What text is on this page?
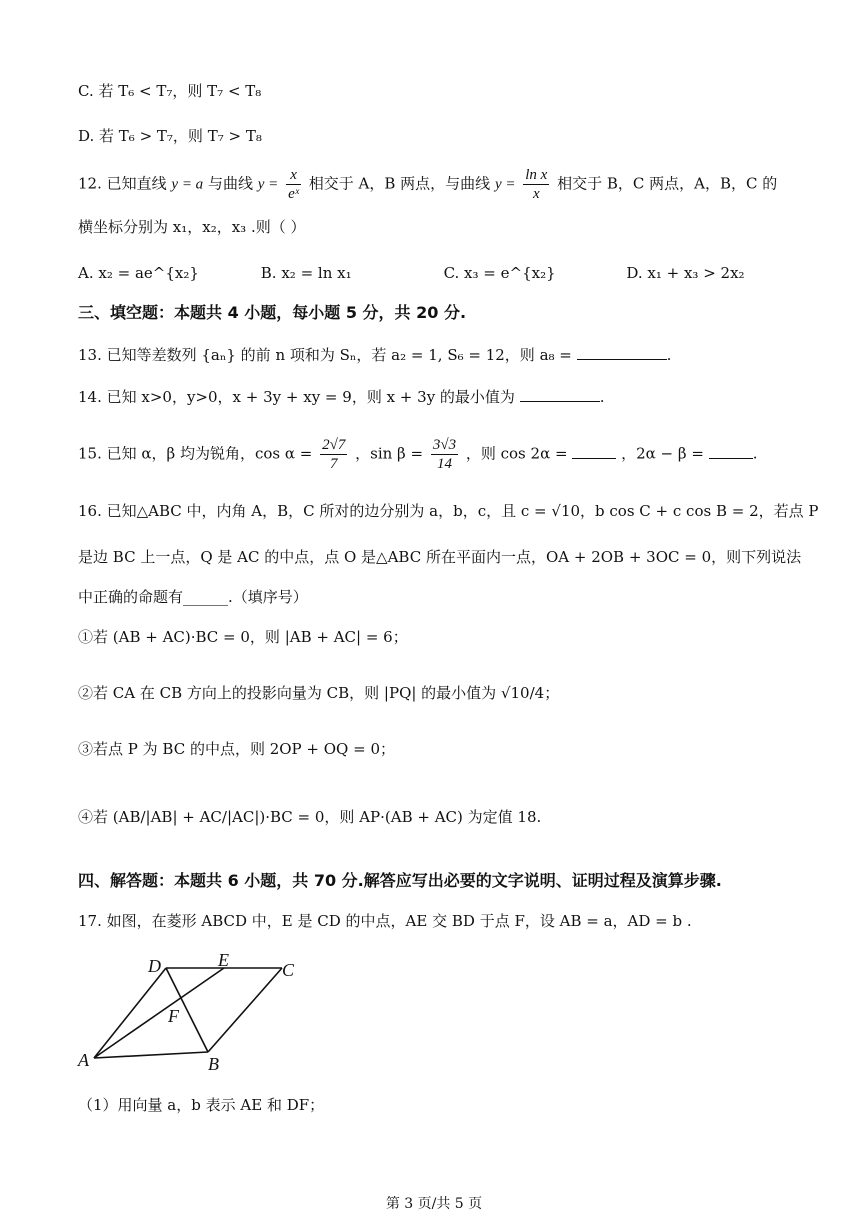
C. 若 T₆ < T₇，则 T₇ < T₈
D. 若 T₆ > T₇，则 T₇ > T₈
12. 已知直线 y = a 与曲线 $y = \frac{x}{\text{eˣ}}$ 相交于 A，B 两点，与曲线 $y = \frac{\text{ln x}}{x}$ 相交于 B，C 两点，A，B，C 的
横坐标分别为 x₁，x₂，x₃ .则（ ）
A. x₂ = ae^{x₂}	B. x₂ = ln x₁	C. x₃ = e^{x₂}	D. x₁ + x₃ > 2x₂
三、填空题：本题共 4 小题，每小题 5 分，共 20 分.
13. 已知等差数列 {aₙ} 的前 n 项和为 Sₙ，若 a₂ = 1, S₆ = 12，则 a₈ =	.
14. 已知 x>0，y>0，x + 3y + xy = 9，则 x + 3y 的最小值为	.
15. 已知 α，β 均为锐角，$\cos \alpha = \frac{2√7}{7}$ ，$\sin \beta = \frac{3√3}{14}$ ，则 cos 2α =	，2α − β =	.
16. 已知△ABC 中，内角 A，B，C 所对的边分别为 a，b，c，且 c = √10，b cos C + c cos B = 2，若点 P
是边 BC 上一点，Q 是 AC 的中点，点 O 是△ABC 所在平面内一点，OA + 2OB + 3OC = 0，则下列说法
中正确的命题有______.（填序号）
①若 (AB + AC)·BC = 0，则 |AB + AC| = 6；
②若 CA 在 CB 方向上的投影向量为 CB，则 |PQ| 的最小值为 √10/4；
③若点 P 为 BC 的中点，则 2OP + OQ = 0；
④若 (AB/|AB| + AC/|AC|)·BC = 0，则 AP·(AB + AC) 为定值 18.
四、解答题：本题共 6 小题，共 70 分.解答应写出必要的文字说明、证明过程及演算步骤.
17. 如图，在菱形 ABCD 中，E 是 CD 的中点，AE 交 BD 于点 F，设 AB = a，AD = b .
A	B
C
D	E
F
（1）用向量 a，b 表示 AE 和 DF；
第 3 页/共 5 页
